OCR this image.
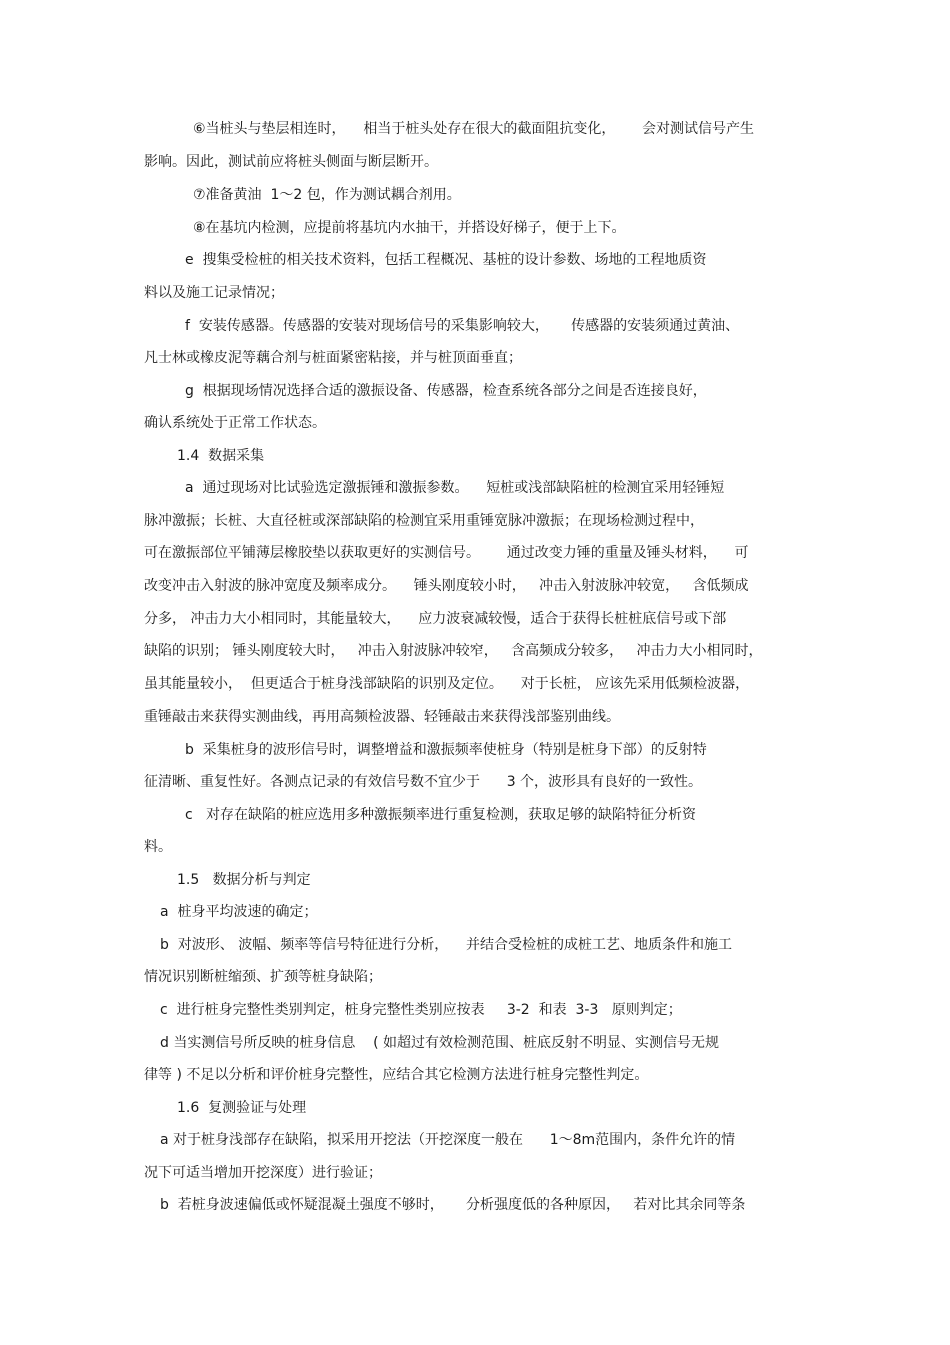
⑥当桩头与垫层相连时，    相当于桩头处存在很大的截面阻抗变化，      会对测试信号产生
影响。因此，测试前应将桩头侧面与断层断开。
⑦准备黄油  1～2 包，作为测试耦合剂用。
⑧在基坑内检测，应提前将基坑内水抽干，并搭设好梯子，便于上下。
e  搜集受检桩的相关技术资料，包括工程概况、基桩的设计参数、场地的工程地质资
料以及施工记录情况；
f  安装传感器。传感器的安装对现场信号的采集影响较大，     传感器的安装须通过黄油、
凡士林或橡皮泥等藕合剂与桩面紧密粘接，并与桩顶面垂直；
g  根据现场情况选择合适的激振设备、传感器，检查系统各部分之间是否连接良好，
确认系统处于正常工作状态。
1.4  数据采集
a  通过现场对比试验选定激振锤和激振参数。    短桩或浅部缺陷桩的检测宜采用轻锤短
脉冲激振；长桩、大直径桩或深部缺陷的检测宜采用重锤宽脉冲激振；在现场检测过程中，
可在激振部位平铺薄层橡胶垫以获取更好的实测信号。      通过改变力锤的重量及锤头材料，    可
改变冲击入射波的脉冲宽度及频率成分。    锤头刚度较小时，   冲击入射波脉冲较宽，   含低频成
分多， 冲击力大小相同时，其能量较大，    应力波衰减较慢，适合于获得长桩桩底信号或下部
缺陷的识别； 锤头刚度较大时，   冲击入射波脉冲较窄，   含高频成分较多，   冲击力大小相同时，
虽其能量较小，  但更适合于桩身浅部缺陷的识别及定位。    对于长桩， 应该先采用低频检波器，
重锤敲击来获得实测曲线，再用高频检波器、轻锤敲击来获得浅部鉴别曲线。
b  采集桩身的波形信号时，调整增益和激振频率使桩身（特别是桩身下部）的反射特
征清晰、重复性好。各测点记录的有效信号数不宜少于      3 个，波形具有良好的一致性。
c   对存在缺陷的桩应选用多种激振频率进行重复检测，获取足够的缺陷特征分析资
料。
1.5   数据分析与判定
a  桩身平均波速的确定；
b  对波形、 波幅、频率等信号特征进行分析，    并结合受检桩的成桩工艺、地质条件和施工
情况识别断桩缩颈、扩颈等桩身缺陷；
c  进行桩身完整性类别判定，桩身完整性类别应按表     3-2  和表  3-3   原则判定；
d 当实测信号所反映的桩身信息    ( 如超过有效检测范围、桩底反射不明显、实测信号无规
律等 ) 不足以分析和评价桩身完整性，应结合其它检测方法进行桩身完整性判定。
1.6  复测验证与处理
a 对于桩身浅部存在缺陷，拟采用开挖法（开挖深度一般在      1～8m范围内，条件允许的情
况下可适当增加开挖深度）进行验证；
b  若桩身波速偏低或怀疑混凝土强度不够时，     分析强度低的各种原因，   若对比其余同等条
